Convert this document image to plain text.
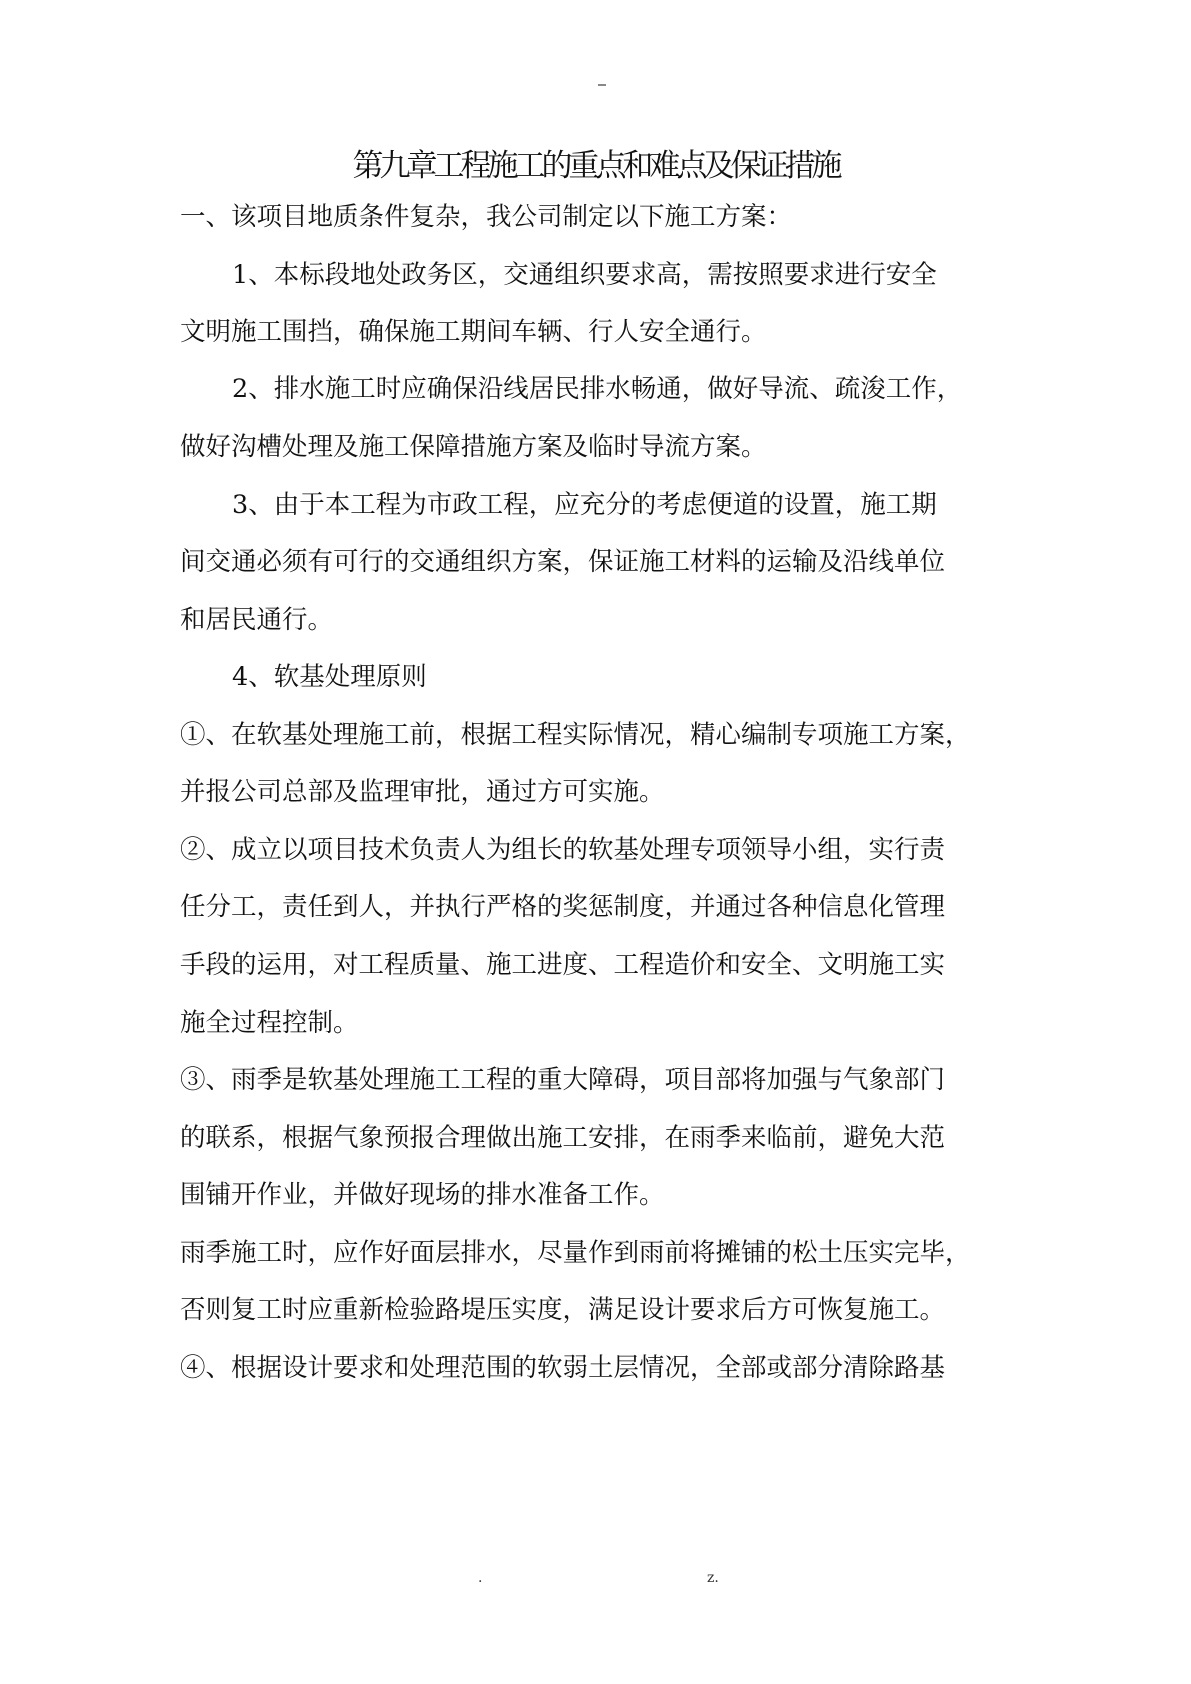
第九章工程施工的重点和难点及保证措施

一、该项目地质条件复杂，我公司制定以下施工方案：

1、本标段地处政务区，交通组织要求高，需按照要求进行安全

文明施工围挡，确保施工期间车辆、行人安全通行。

2、排水施工时应确保沿线居民排水畅通，做好导流、疏浚工作，

做好沟槽处理及施工保障措施方案及临时导流方案。

3、由于本工程为市政工程，应充分的考虑便道的设置，施工期

间交通必须有可行的交通组织方案，保证施工材料的运输及沿线单位

和居民通行。

4、软基处理原则

①、在软基处理施工前，根据工程实际情况，精心编制专项施工方案，

并报公司总部及监理审批，通过方可实施。

②、成立以项目技术负责人为组长的软基处理专项领导小组，实行责

任分工，责任到人，并执行严格的奖惩制度，并通过各种信息化管理

手段的运用，对工程质量、施工进度、工程造价和安全、文明施工实

施全过程控制。

③、雨季是软基处理施工工程的重大障碍，项目部将加强与气象部门

的联系，根据气象预报合理做出施工安排，在雨季来临前，避免大范

围铺开作业，并做好现场的排水准备工作。

雨季施工时，应作好面层排水，尽量作到雨前将摊铺的松土压实完毕，

否则复工时应重新检验路堤压实度，满足设计要求后方可恢复施工。

④、根据设计要求和处理范围的软弱土层情况，全部或部分清除路基

.	z.
